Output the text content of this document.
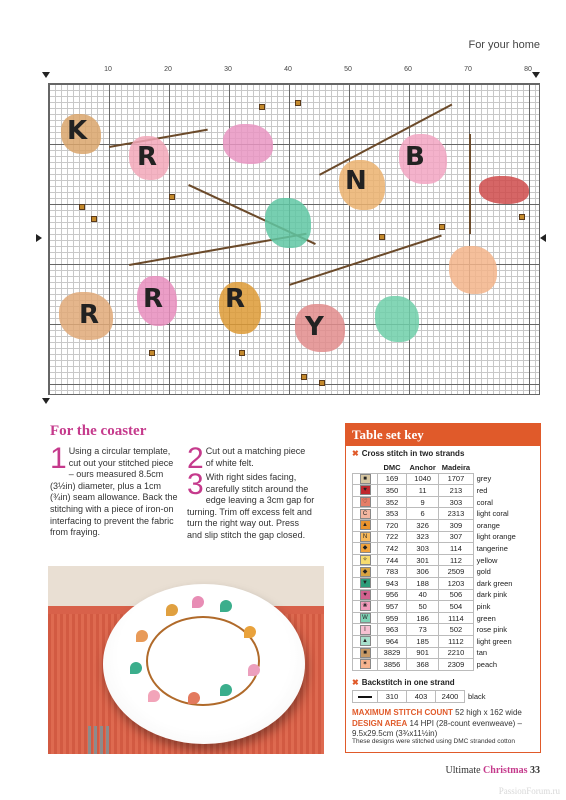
For your home
10	20	30	40	50	60	70	80
K
R
N
B
R R
Y
R
For the coaster
1 Using a circular template, cut out your stitched piece – ours measured 8.5cm (3½in) diameter, plus a 1cm (¾in) seam allowance. Back the stitching with a piece of iron-on interfacing to prevent the fabric from fraying.
2 Cut out a matching piece of white felt.
3 With right sides facing, carefully stitch around the edge leaving a 3cm gap for turning. Trim off excess felt and turn the right way out. Press and slip stitch the gap closed.
Table set key
✖ Cross stitch in two strands
	DMC	Anchor	Madeira	
■	169	1040	1707	grey
♥	350	11	213	red
♡	352	9	303	coral
C	353	6	2313	light coral
▲	720	326	309	orange
N	722	323	307	light orange
◆	742	303	114	tangerine
✧	744	301	112	yellow
◆	783	306	2509	gold
▼	943	188	1203	dark green
♥	956	40	506	dark pink
❀	957	50	504	pink
W	959	186	1114	green
I	963	73	502	rose pink
▲	964	185	1112	light green
■	3829	901	2210	tan
✶	3856	368	2309	peach
✖ Backstitch in one strand
	310	403	2400	black
MAXIMUM STITCH COUNT 52 high x 162 wide
DESIGN AREA 14 HPI (28-count evenweave) – 9.5x29.5cm (3¾x11½in)
These designs were stitched using DMC stranded cotton
Ultimate Christmas 33
PassionForum.ru
